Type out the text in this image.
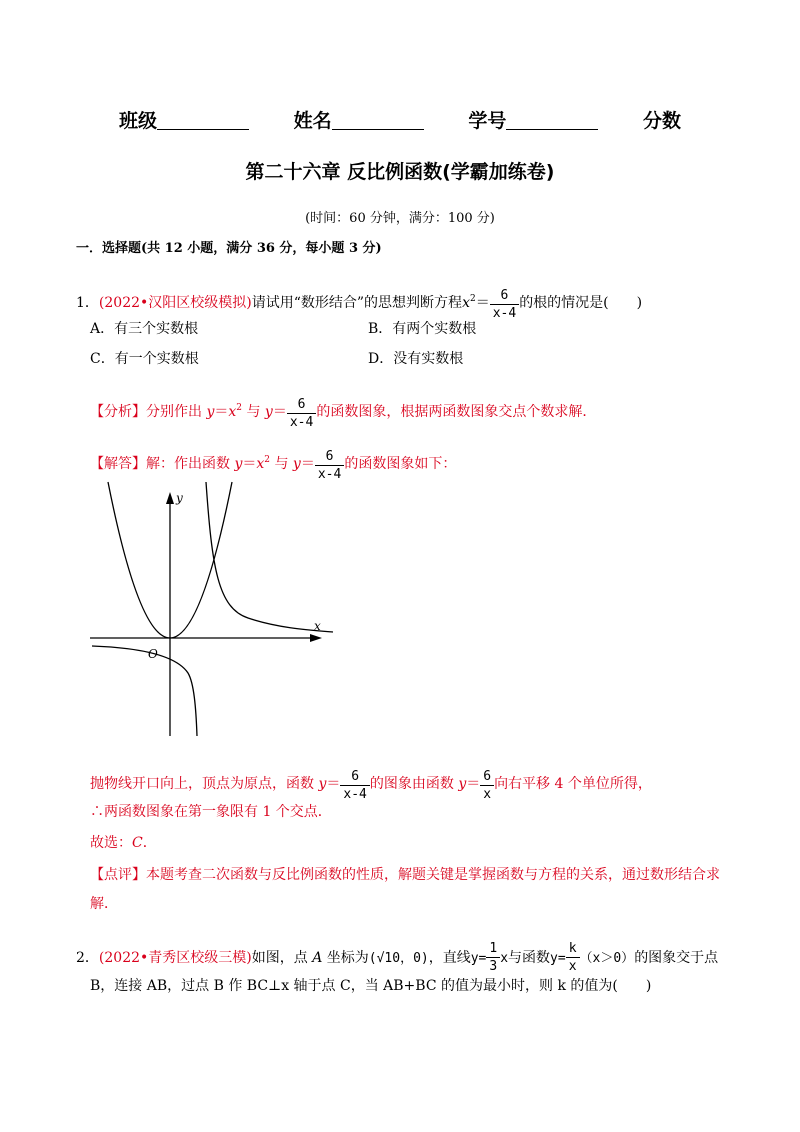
班级	姓名	学号	分数
第二十六章 反比例函数(学霸加练卷)
(时间：60 分钟，满分：100 分)
一．选择题(共 12 小题，满分 36 分，每小题 3 分)
1．(2022•汉阳区校级模拟)请试用“数形结合”的思想判断方程$x^2= \frac{6}{x-4}$ 的根的情况是(　　)
A．有三个实数根	B．有两个实数根
C．有一个实数根	D．没有实数根
【分析】分别作出 $y=x^2$ 与 $y= \frac{6}{x-4}$ 的函数图象，根据两函数图象交点个数求解．
【解答】解：作出函数 $y=x^2$ 与 $y= \frac{6}{x-4}$ 的函数图象如下：
y
x
O
抛物线开口向上，顶点为原点，函数 $y= \frac{6}{x-4}$ 的图象由函数 $y= \frac{6}{x}$ 向右平移 4 个单位所得，
∴两函数图象在第一象限有 1 个交点．
故选：C．
【点评】本题考查二次函数与反比例函数的性质，解题关键是掌握函数与方程的关系，通过数形结合求
解．
2．(2022•青秀区校级三模)如图，点 A 坐标为(√10，0)，直线$y= \frac{1}{3}$ x与函数$y= \frac{k}{x} (x>0)$的图象交于点
B，连接 AB，过点 B 作 BC⊥x 轴于点 C，当 AB+BC 的值为最小时，则 k 的值为(　　)
